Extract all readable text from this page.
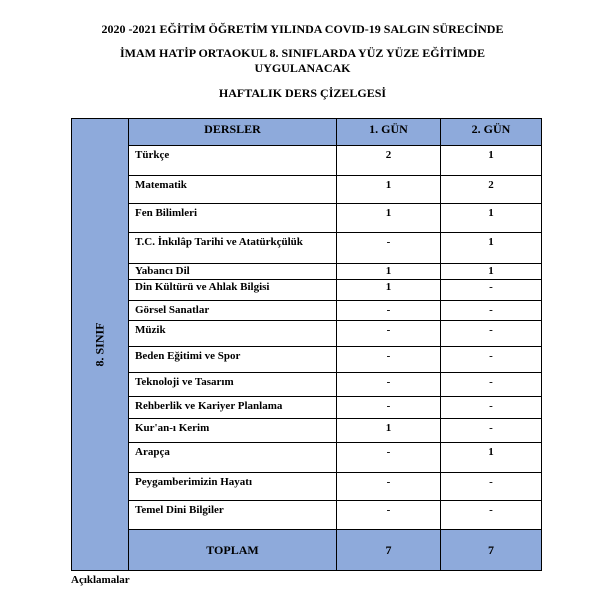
2020 -2021 EĞİTİM ÖĞRETİM YILINDA COVID-19 SALGIN SÜRECİNDE
İMAM HATİP ORTAOKUL 8. SINIFLARDA YÜZ YÜZE EĞİTİMDE
UYGULANACAK
HAFTALIK DERS ÇİZELGESİ
8. SINIF	DERSLER	1. GÜN	2. GÜN
	Türkçe	2	1
	Matematik	1	2
	Fen Bilimleri	1	1
	T.C. İnkılâp Tarihi ve Atatürkçülük	-	1
	Yabancı Dil	1	1
	Din Kültürü ve Ahlak Bilgisi	1	-
	Görsel Sanatlar	-	-
	Müzik	-	-
	Beden Eğitimi ve Spor	-	-
	Teknoloji ve Tasarım	-	-
	Rehberlik ve Kariyer Planlama	-	-
	Kur'an-ı Kerim	1	-
	Arapça	-	1
	Peygamberimizin Hayatı	-	-
	Temel Dini Bilgiler	-	-
	TOPLAM	7	7
Açıklamalar
